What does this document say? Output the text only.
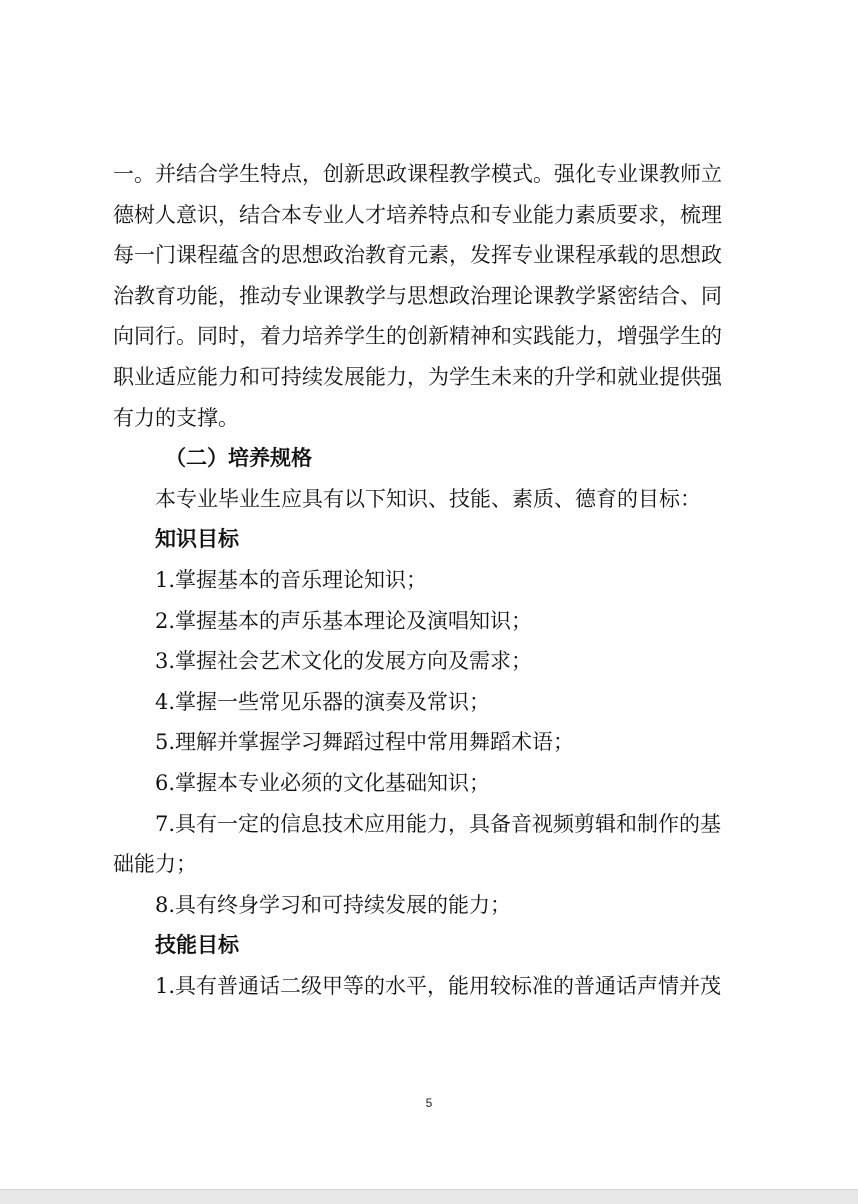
一。并结合学生特点，创新思政课程教学模式。强化专业课教师立
德树人意识，结合本专业人才培养特点和专业能力素质要求，梳理
每一门课程蕴含的思想政治教育元素，发挥专业课程承载的思想政
治教育功能，推动专业课教学与思想政治理论课教学紧密结合、同
向同行。同时，着力培养学生的创新精神和实践能力，增强学生的
职业适应能力和可持续发展能力，为学生未来的升学和就业提供强
有力的支撑。
（二）培养规格
本专业毕业生应具有以下知识、技能、素质、德育的目标：
知识目标
1.掌握基本的音乐理论知识；
2.掌握基本的声乐基本理论及演唱知识；
3.掌握社会艺术文化的发展方向及需求；
4.掌握一些常见乐器的演奏及常识；
5.理解并掌握学习舞蹈过程中常用舞蹈术语；
6.掌握本专业必须的文化基础知识；
7.具有一定的信息技术应用能力，具备音视频剪辑和制作的基
础能力；
8.具有终身学习和可持续发展的能力；
技能目标
1.具有普通话二级甲等的水平，能用较标准的普通话声情并茂
5
